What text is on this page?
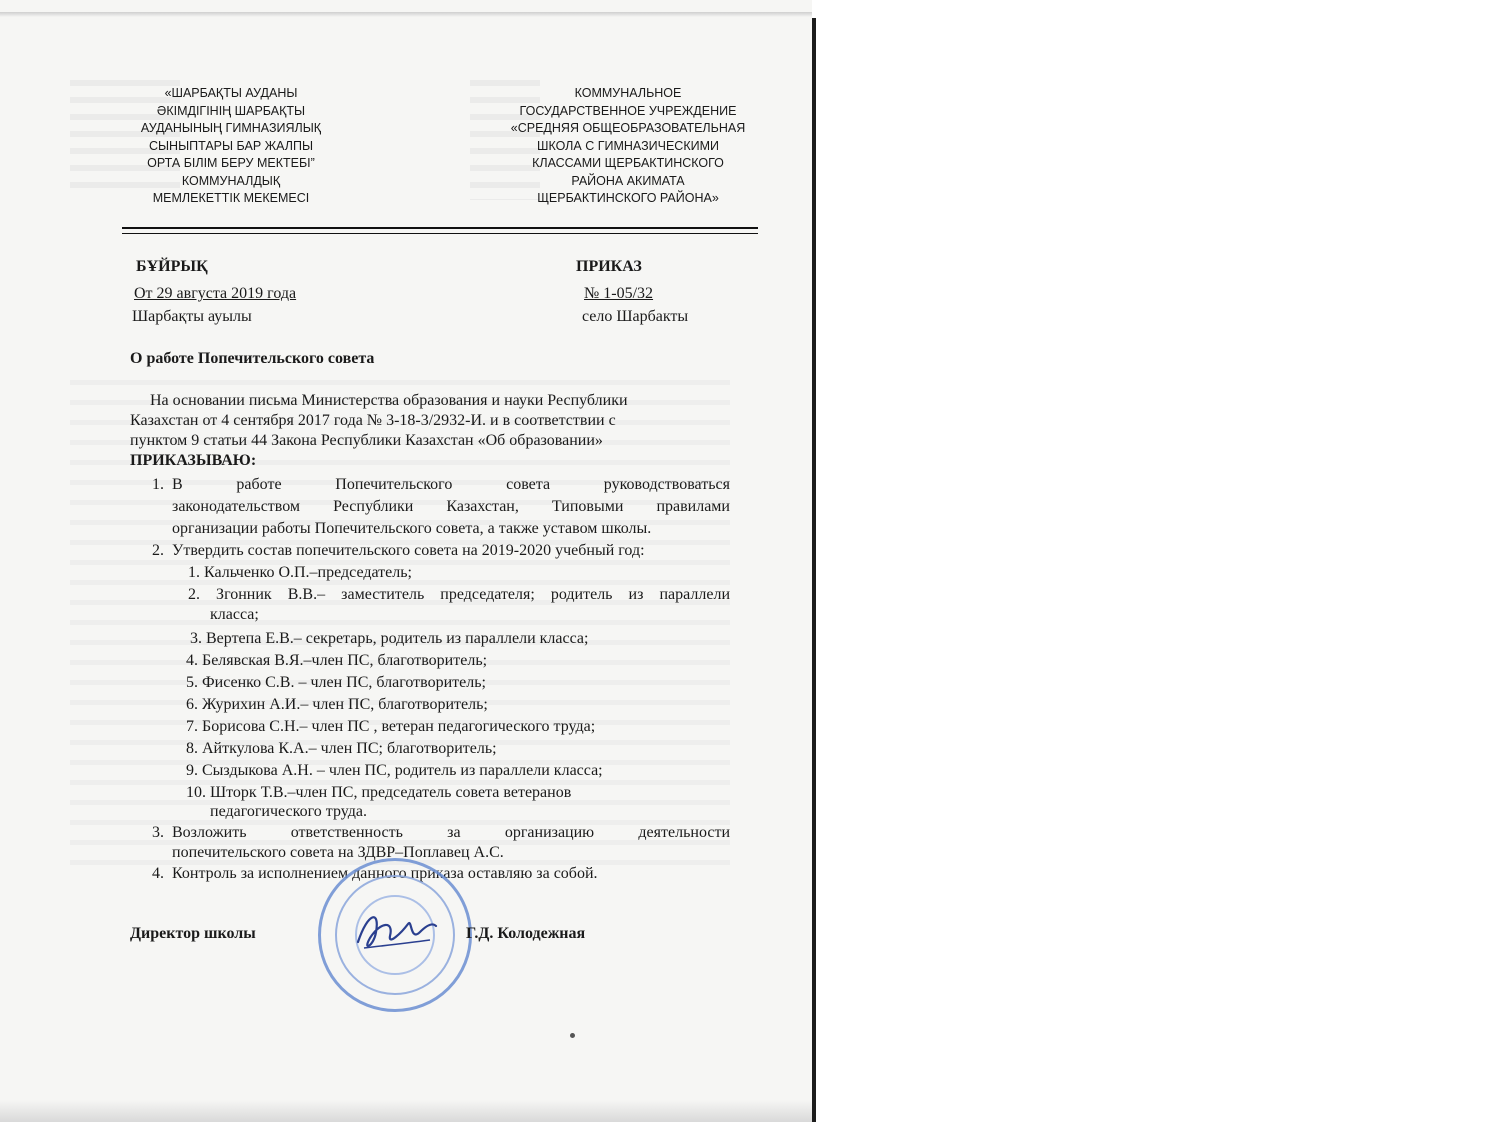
«ШАРБАҚТЫ АУДАНЫ
ӘКІМДІГІНІҢ ШАРБАҚТЫ
АУДАНЫНЫҢ ГИМНАЗИЯЛЫҚ
СЫНЫПТАРЫ БАР ЖАЛПЫ
ОРТА БІЛІМ БЕРУ МЕКТЕБІ”
КОММУНАЛДЫҚ
МЕМЛЕКЕТТІК МЕКЕМЕСІ
КОММУНАЛЬНОЕ
ГОСУДАРСТВЕННОЕ УЧРЕЖДЕНИЕ
«СРЕДНЯЯ ОБЩЕОБРАЗОВАТЕЛЬНАЯ
ШКОЛА С ГИМНАЗИЧЕСКИМИ
КЛАССАМИ ЩЕРБАКТИНСКОГО
РАЙОНА АКИМАТА
ЩЕРБАКТИНСКОГО РАЙОНА»
БҰЙРЫҚ	ПРИКАЗ
От 29 августа 2019 года	№ 1-05/32
Шарбақты ауылы	село Шарбакты
О работе Попечительского совета
На основании письма Министерства образования и науки Республики
Казахстан от 4 сентября 2017 года № 3-18-3/2932-И. и в соответствии с
пунктом 9 статьи 44 Закона Республики Казахстан «Об образовании»
ПРИКАЗЫВАЮ:
1. В работе Попечительского совета руководствоваться
законодательством Республики Казахстан, Типовыми правилами
организации работы Попечительского совета, а также уставом школы.
2. Утвердить состав попечительского совета на 2019-2020 учебный год:
1. Кальченко О.П.–председатель;
2. Згонник В.В.– заместитель председателя; родитель из параллели
класса;
3. Вертепа Е.В.– секретарь, родитель из параллели класса;
4. Белявская В.Я.–член ПС, благотворитель;
5. Фисенко С.В. – член ПС, благотворитель;
6. Журихин А.И.– член ПС, благотворитель;
7. Борисова С.Н.– член ПС , ветеран педагогического труда;
8. Айткулова К.А.– член ПС; благотворитель;
9. Сыздыкова А.Н. – член ПС, родитель из параллели класса;
10. Шторк Т.В.–член ПС, председатель совета ветеранов
педагогического труда.
3. Возложить ответственность за организацию деятельности
попечительского совета на ЗДВР–Поплавец А.С.
4. Контроль за исполнением данного приказа оставляю за собой.
Директор школы	Г.Д. Колодежная
